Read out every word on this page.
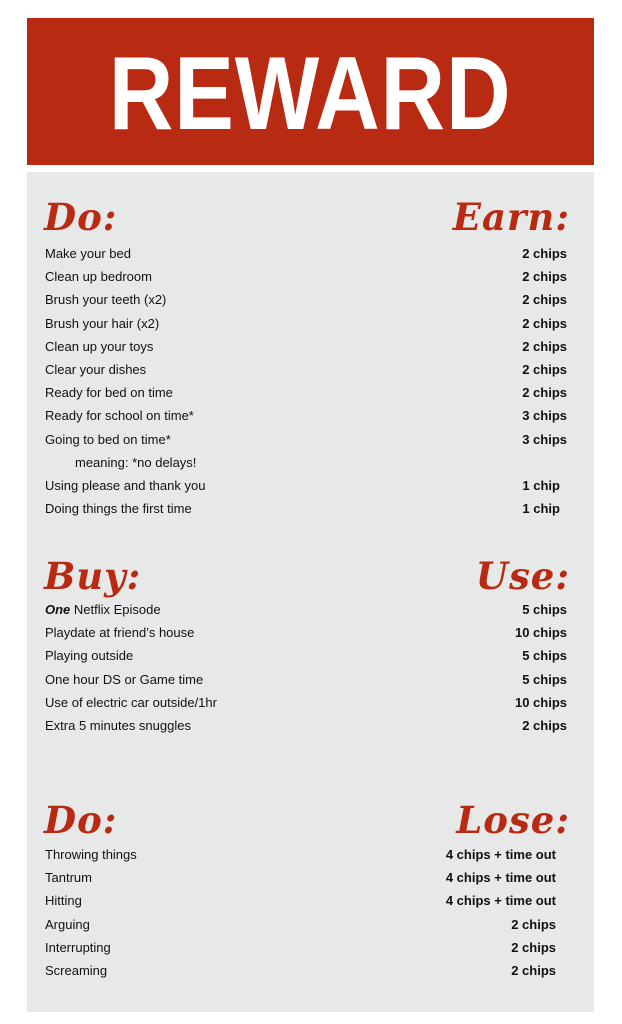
REWARD
Do:	Earn:
Make your bed	2 chips
Clean up bedroom	2 chips
Brush your teeth (x2)	2 chips
Brush your hair (x2)	2 chips
Clean up your toys	2 chips
Clear your dishes	2 chips
Ready for bed on time	2 chips
Ready for school on time*	3 chips
Going to bed on time*	3 chips
meaning: *no delays!
Using please and thank you	1 chip
Doing things the first time	1 chip
Buy:	Use:
One Netflix Episode	5 chips
Playdate at friend’s house	10 chips
Playing outside	5 chips
One hour DS or Game time	5 chips
Use of electric car outside/1hr	10 chips
Extra 5 minutes snuggles	2 chips
Do:	Lose:
Throwing things	4 chips + time out
Tantrum	4 chips + time out
Hitting	4 chips + time out
Arguing	2 chips
Interrupting	2 chips
Screaming	2 chips
